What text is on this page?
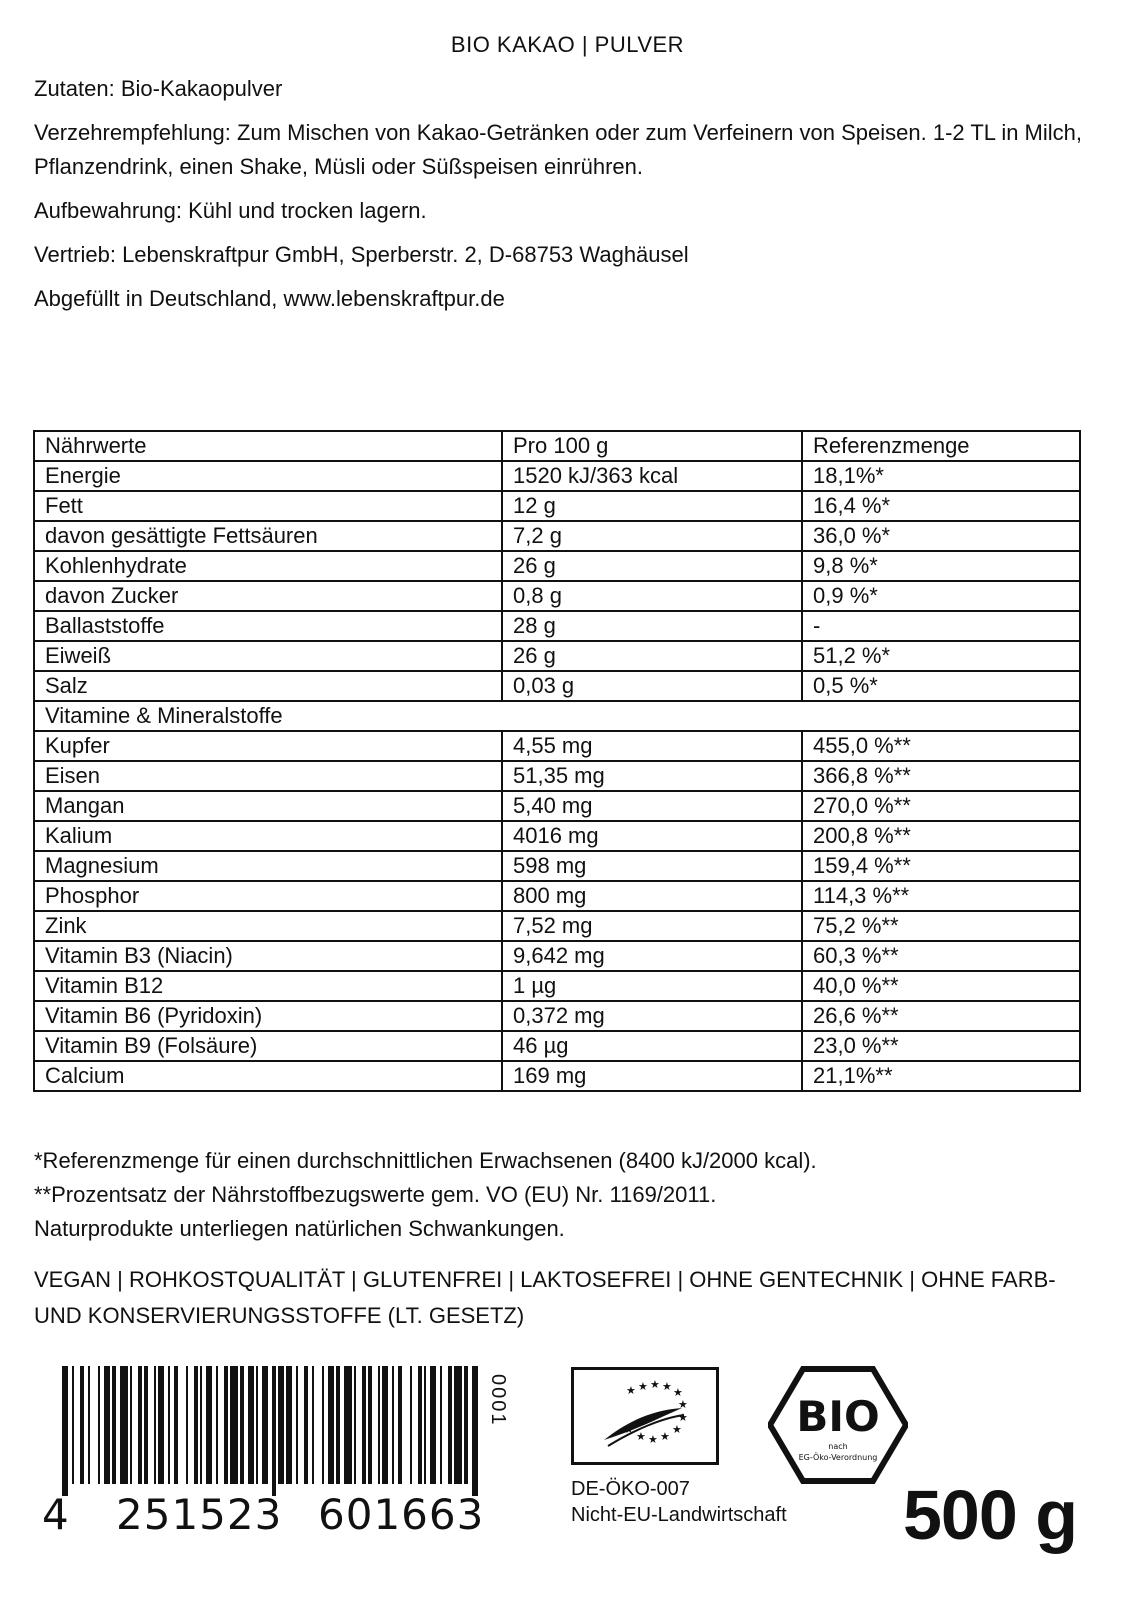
BIO KAKAO | PULVER
Zutaten: Bio-Kakaopulver
Verzehrempfehlung: Zum Mischen von Kakao-Getränken oder zum Verfeinern von Speisen. 1-2 TL in Milch, Pflanzendrink, einen Shake, Müsli oder Süßspeisen einrühren.
Aufbewahrung: Kühl und trocken lagern.
Vertrieb: Lebenskraftpur GmbH, Sperberstr. 2, D-68753 Waghäusel
Abgefüllt in Deutschland, www.lebenskraftpur.de
Nährwerte	Pro 100 g	Referenzmenge
Energie	1520 kJ/363 kcal	18,1%*
Fett	12 g	16,4 %*
davon gesättigte Fettsäuren	7,2 g	36,0 %*
Kohlenhydrate	26 g	9,8 %*
davon Zucker	0,8 g	0,9 %*
Ballaststoffe	28 g	-
Eiweiß	26 g	51,2 %*
Salz	0,03 g	0,5 %*
Vitamine & Mineralstoffe		
Kupfer	4,55 mg	455,0 %**
Eisen	51,35 mg	366,8 %**
Mangan	5,40 mg	270,0 %**
Kalium	4016 mg	200,8 %**
Magnesium	598 mg	159,4 %**
Phosphor	800 mg	114,3 %**
Zink	7,52 mg	75,2 %**
Vitamin B3 (Niacin)	9,642 mg	60,3 %**
Vitamin B12	1 µg	40,0 %**
Vitamin B6 (Pyridoxin)	0,372 mg	26,6 %**
Vitamin B9 (Folsäure)	46 µg	23,0 %**
Calcium	169 mg	21,1%**
*Referenzmenge für einen durchschnittlichen Erwachsenen (8400 kJ/2000 kcal).
**Prozentsatz der Nährstoffbezugswerte gem. VO (EU) Nr. 1169/2011.
Naturprodukte unterliegen natürlichen Schwankungen.
VEGAN | ROHKOSTQUALITÄT | GLUTENFREI | LAKTOSEFREI | OHNE GENTECHNIK | OHNE FARB- UND KONSERVIERUNGSSTOFFE (LT. GESETZ)
4 251523 601663
0001	★ ★ ★ ★ ★
★
★
★
★
★
★
DE-ÖKO-007
Nicht-EU-Landwirtschaft
BIO
nach
EG-Öko-Verordnung
500 g
